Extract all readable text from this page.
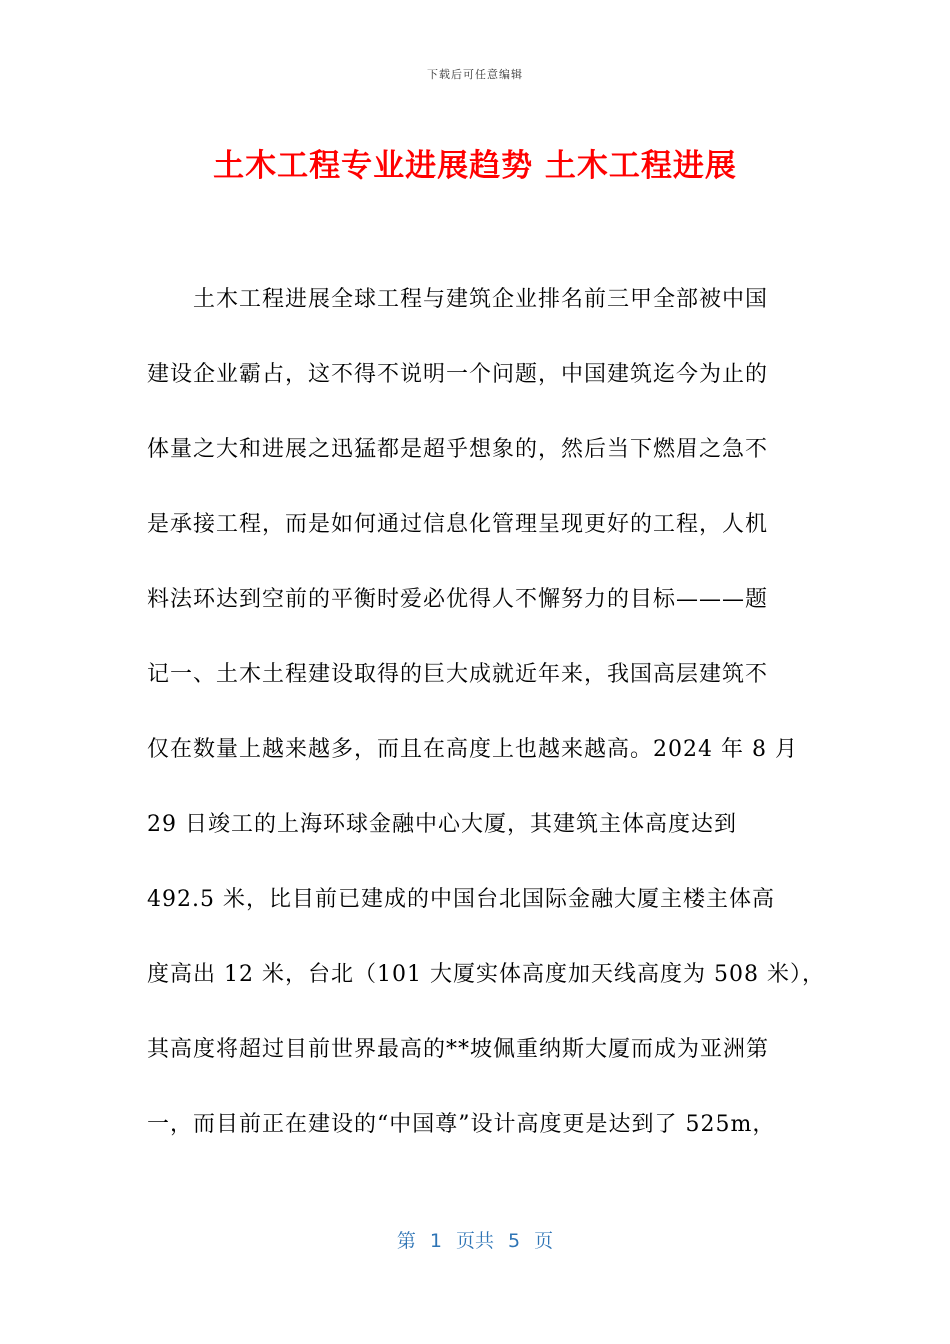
下载后可任意编辑
土木工程专业进展趋势 土木工程进展
土木工程进展全球工程与建筑企业排名前三甲全部被中国
建设企业霸占，这不得不说明一个问题，中国建筑迄今为止的
体量之大和进展之迅猛都是超乎想象的，然后当下燃眉之急不
是承接工程，而是如何通过信息化管理呈现更好的工程，人机
料法环达到空前的平衡时爱必优得人不懈努力的目标———题
记一、土木土程建设取得的巨大成就近年来，我国高层建筑不
仅在数量上越来越多，而且在高度上也越来越高。2024 年 8 月
29 日竣工的上海环球金融中心大厦，其建筑主体高度达到
492.5 米，比目前已建成的中国台北国际金融大厦主楼主体高
度高出 12 米，台北（101 大厦实体高度加天线高度为 508 米），
其高度将超过目前世界最高的**坡佩重纳斯大厦而成为亚洲第
一，而目前正在建设的“中国尊”设计高度更是达到了 525m，
第 1 页共 5 页
